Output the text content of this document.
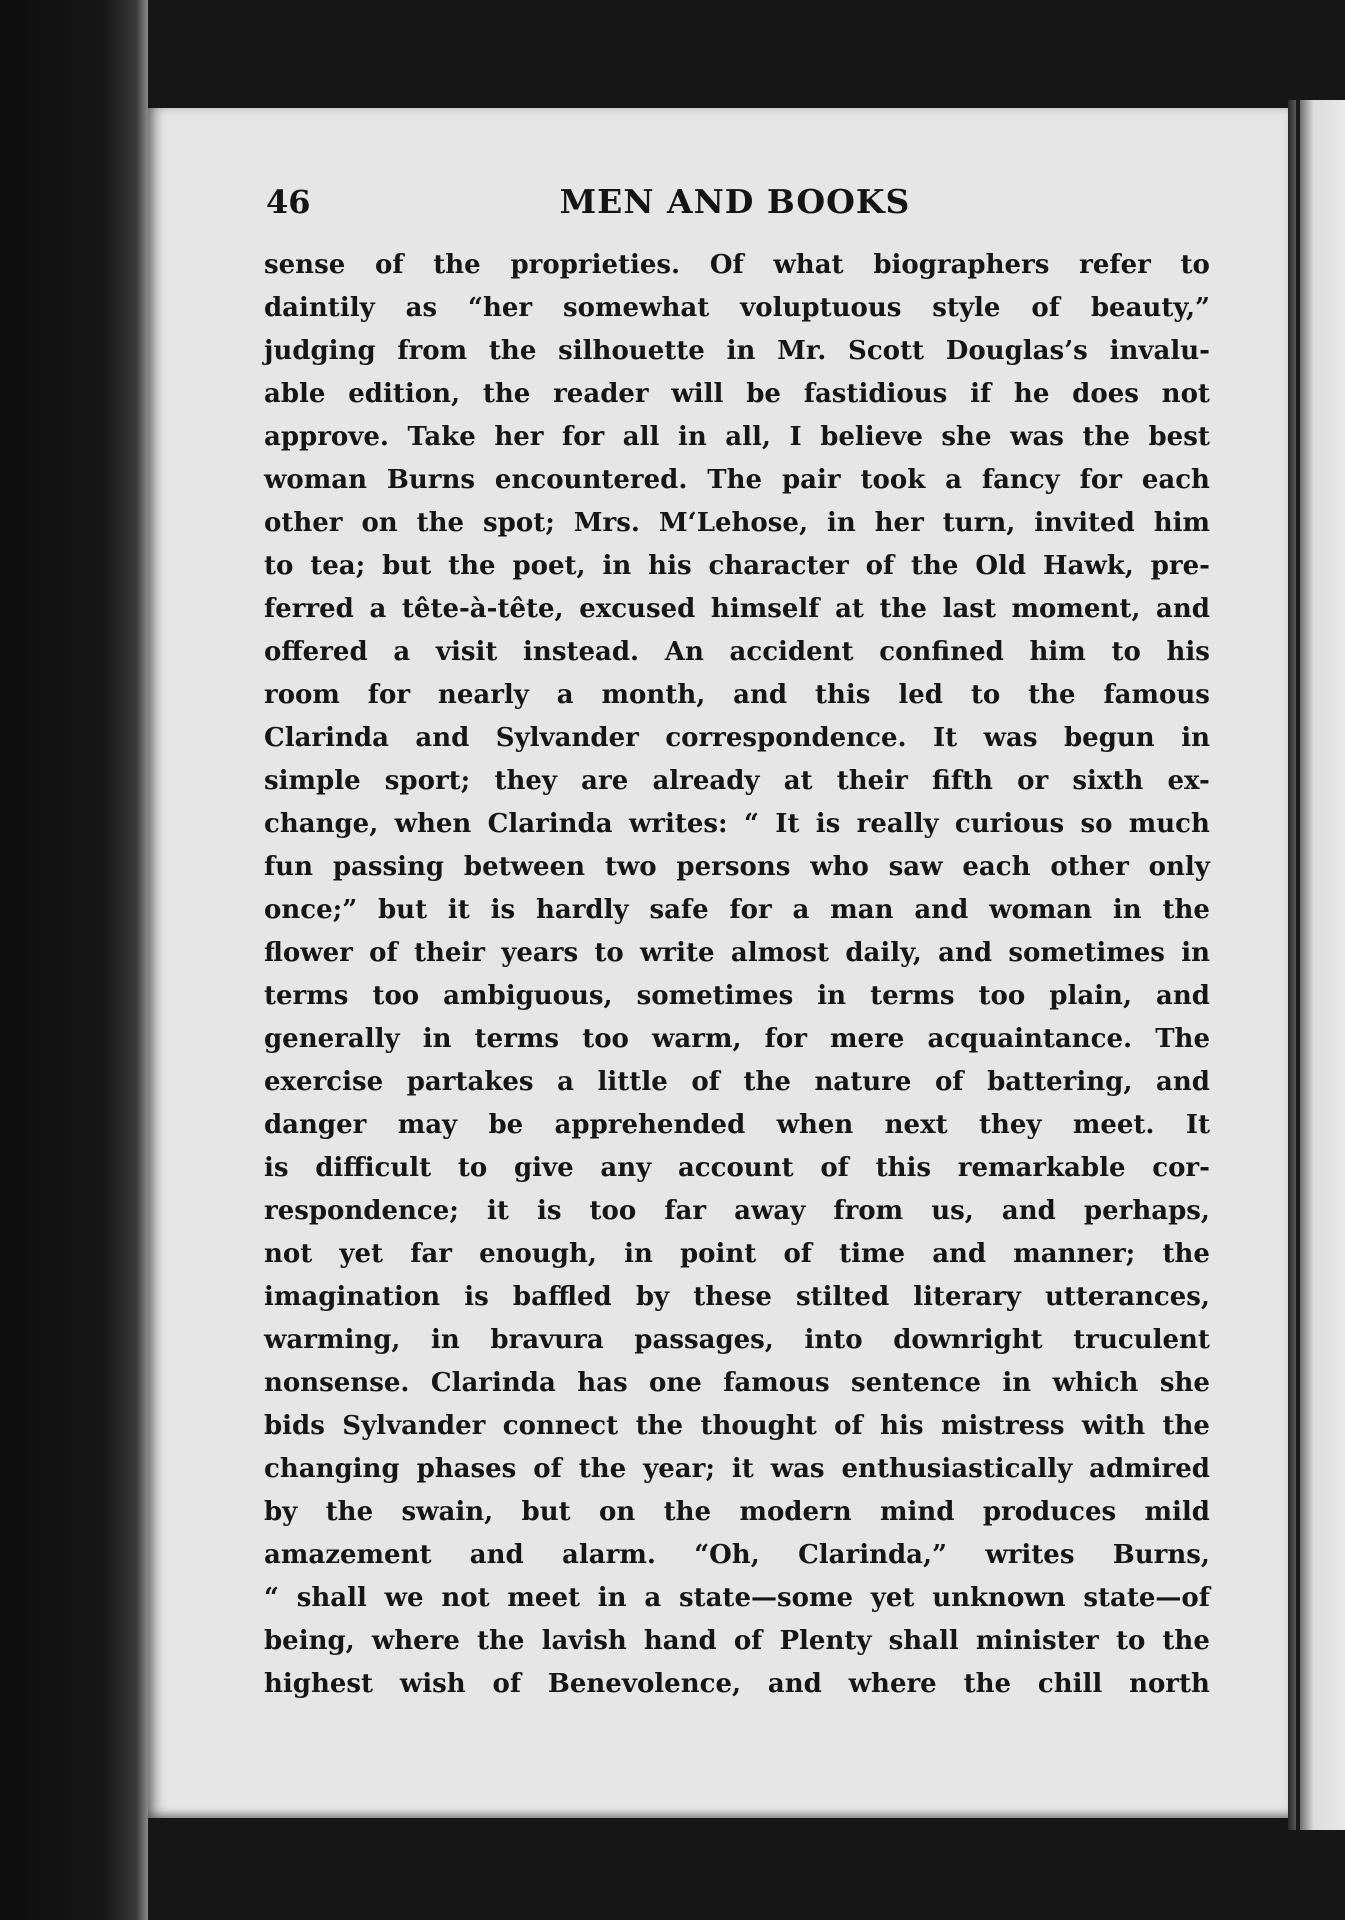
46	MEN AND BOOKS
sense of the proprieties. Of what biographers refer to
daintily as “her somewhat voluptuous style of beauty,”
judging from the silhouette in Mr. Scott Douglas’s invalu-
able edition, the reader will be fastidious if he does not
approve. Take her for all in all, I believe she was the best
woman Burns encountered. The pair took a fancy for each
other on the spot; Mrs. M‘Lehose, in her turn, invited him
to tea; but the poet, in his character of the Old Hawk, pre-
ferred a tête-à-tête, excused himself at the last moment, and
offered a visit instead. An accident confined him to his
room for nearly a month, and this led to the famous
Clarinda and Sylvander correspondence. It was begun in
simple sport; they are already at their fifth or sixth ex-
change, when Clarinda writes: “ It is really curious so much
fun passing between two persons who saw each other only
once;” but it is hardly safe for a man and woman in the
flower of their years to write almost daily, and sometimes in
terms too ambiguous, sometimes in terms too plain, and
generally in terms too warm, for mere acquaintance. The
exercise partakes a little of the nature of battering, and
danger may be apprehended when next they meet. It
is difficult to give any account of this remarkable cor-
respondence; it is too far away from us, and perhaps,
not yet far enough, in point of time and manner; the
imagination is baffled by these stilted literary utterances,
warming, in bravura passages, into downright truculent
nonsense. Clarinda has one famous sentence in which she
bids Sylvander connect the thought of his mistress with the
changing phases of the year; it was enthusiastically admired
by the swain, but on the modern mind produces mild
amazement and alarm. “Oh, Clarinda,” writes Burns,
“ shall we not meet in a state—some yet unknown state—of
being, where the lavish hand of Plenty shall minister to the
highest wish of Benevolence, and where the chill north
